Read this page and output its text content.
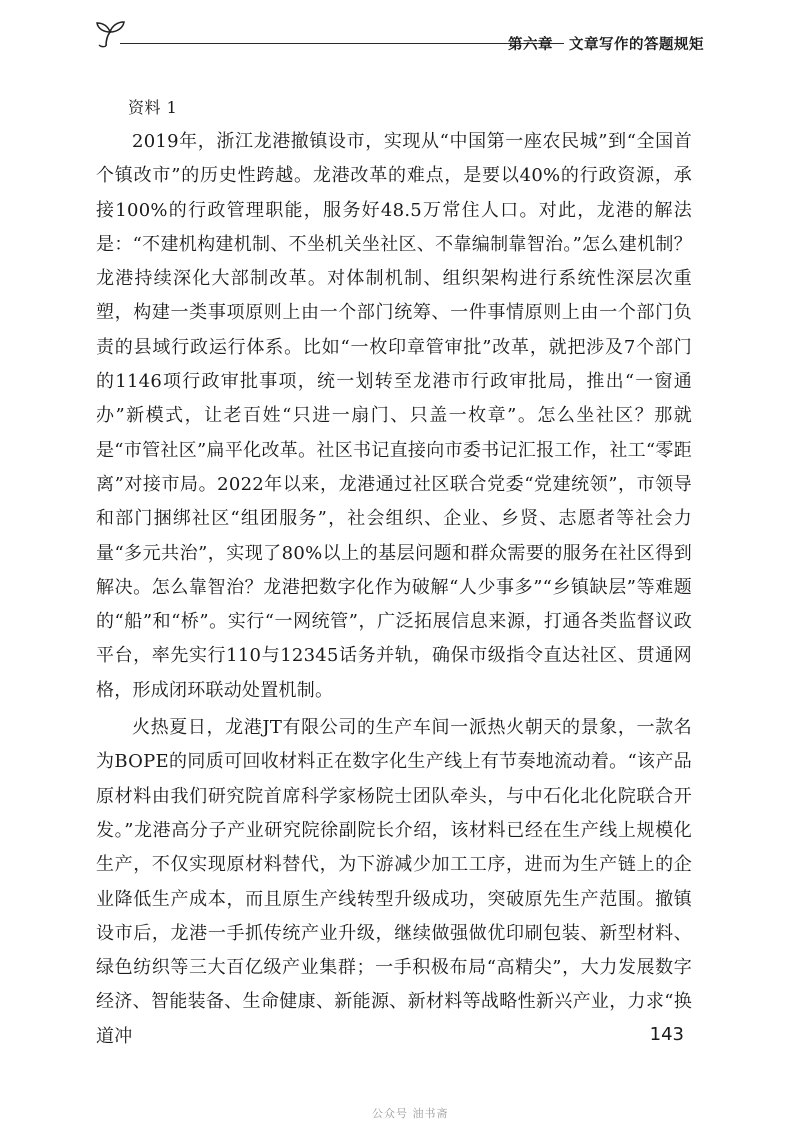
第六章 文章写作的答题规矩
资料 1

2019年，浙江龙港撤镇设市，实现从“中国第一座农民城”到“全国首个镇改市”的历史性跨越。龙港改革的难点，是要以40%的行政资源，承接100%的行政管理职能，服务好48.5万常住人口。对此，龙港的解法是：“不建机构建机制、不坐机关坐社区、不靠编制靠智治。”怎么建机制？龙港持续深化大部制改革。对体制机制、组织架构进行系统性深层次重塑，构建一类事项原则上由一个部门统筹、一件事情原则上由一个部门负责的县域行政运行体系。比如“一枚印章管审批”改革，就把涉及7个部门的1146项行政审批事项，统一划转至龙港市行政审批局，推出“一窗通办”新模式，让老百姓“只进一扇门、只盖一枚章”。怎么坐社区？那就是“市管社区”扁平化改革。社区书记直接向市委书记汇报工作，社工“零距离”对接市局。2022年以来，龙港通过社区联合党委“党建统领”，市领导和部门捆绑社区“组团服务”，社会组织、企业、乡贤、志愿者等社会力量“多元共治”，实现了80%以上的基层问题和群众需要的服务在社区得到解决。怎么靠智治？龙港把数字化作为破解“人少事多”“乡镇缺层”等难题的“船”和“桥”。实行“一网统管”，广泛拓展信息来源，打通各类监督议政平台，率先实行110与12345话务并轨，确保市级指令直达社区、贯通网格，形成闭环联动处置机制。

火热夏日，龙港JT有限公司的生产车间一派热火朝天的景象，一款名为BOPE的同质可回收材料正在数字化生产线上有节奏地流动着。“该产品原材料由我们研究院首席科学家杨院士团队牵头，与中石化北化院联合开发。”龙港高分子产业研究院徐副院长介绍，该材料已经在生产线上规模化生产，不仅实现原材料替代，为下游减少加工工序，进而为生产链上的企业降低生产成本，而且原生产线转型升级成功，突破原先生产范围。撤镇设市后，龙港一手抓传统产业升级，继续做强做优印刷包装、新型材料、绿色纺织等三大百亿级产业集群；一手积极布局“高精尖”，大力发展数字经济、智能装备、生命健康、新能源、新材料等战略性新兴产业，力求“换道冲	143
公众号 油书斋
